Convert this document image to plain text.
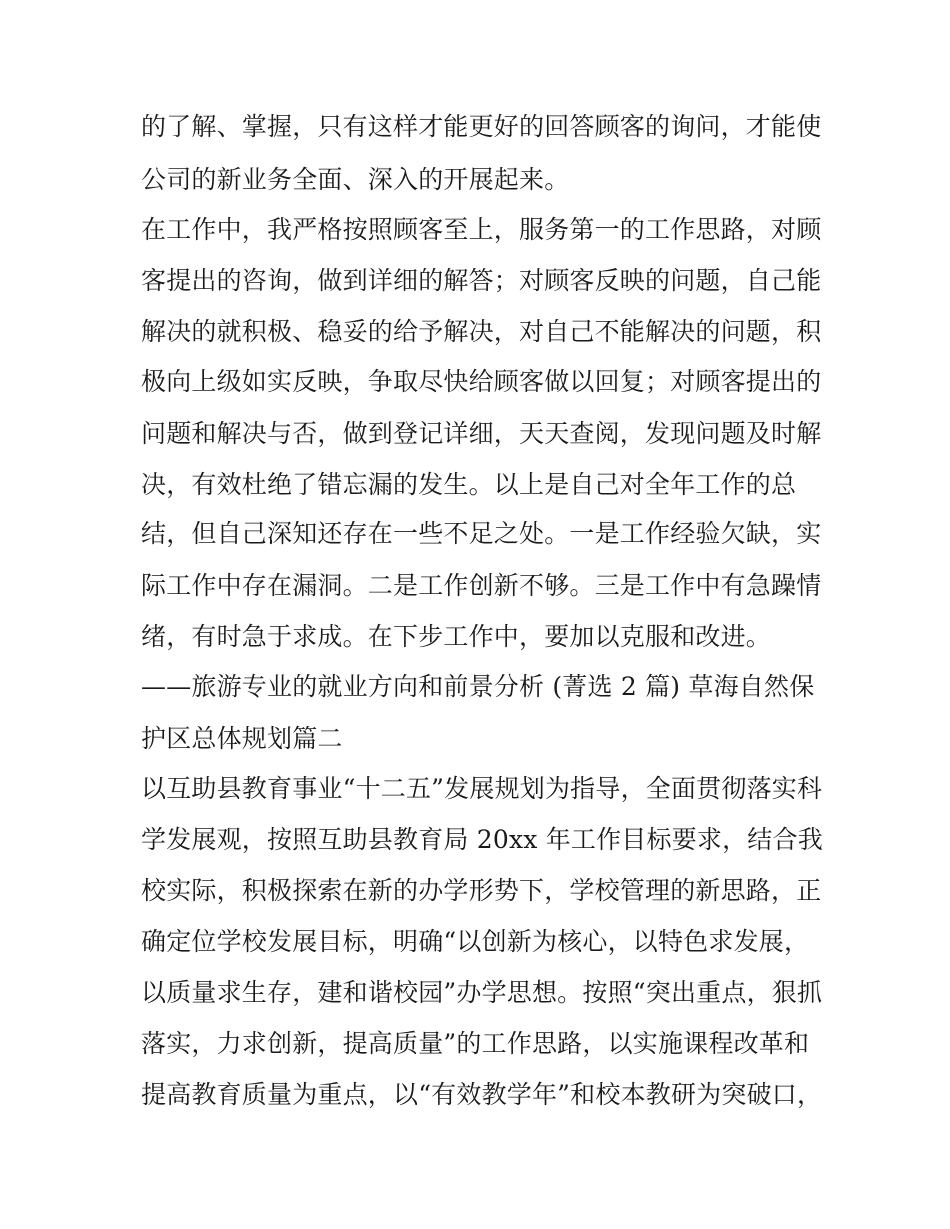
的了解、掌握，只有这样才能更好的回答顾客的询问，才能使
公司的新业务全面、深入的开展起来。
在工作中，我严格按照顾客至上，服务第一的工作思路，对顾
客提出的咨询，做到详细的解答；对顾客反映的问题，自己能
解决的就积极、稳妥的给予解决，对自己不能解决的问题，积
极向上级如实反映，争取尽快给顾客做以回复；对顾客提出的
问题和解决与否，做到登记详细，天天查阅，发现问题及时解
决，有效杜绝了错忘漏的发生。以上是自己对全年工作的总
结，但自己深知还存在一些不足之处。一是工作经验欠缺，实
际工作中存在漏洞。二是工作创新不够。三是工作中有急躁情
绪，有时急于求成。在下步工作中，要加以克服和改进。
——旅游专业的就业方向和前景分析 (菁选 2 篇) 草海自然保
护区总体规划篇二
以互助县教育事业“十二五”发展规划为指导，全面贯彻落实科
学发展观，按照互助县教育局 20xx 年工作目标要求，结合我
校实际，积极探索在新的办学形势下，学校管理的新思路，正
确定位学校发展目标，明确“以创新为核心，以特色求发展，
以质量求生存，建和谐校园”办学思想。按照“突出重点，狠抓
落实，力求创新，提高质量”的工作思路，以实施课程改革和
提高教育质量为重点，以“有效教学年”和校本教研为突破口，
